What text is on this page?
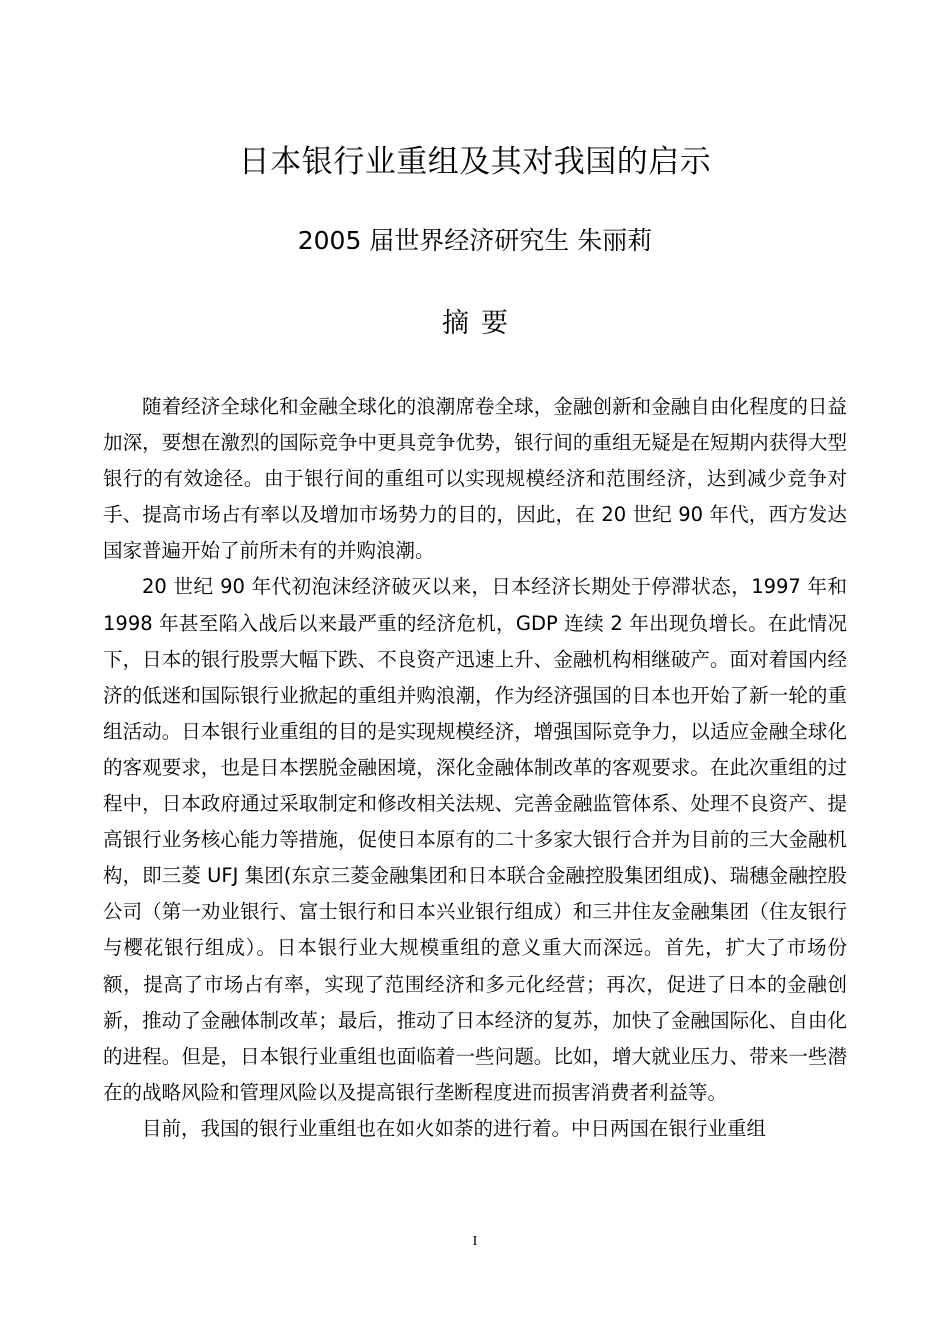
日本银行业重组及其对我国的启示
2005 届世界经济研究生 朱丽莉
摘要

随着经济全球化和金融全球化的浪潮席卷全球，金融创新和金融自由化程度的日益加深，要想在激烈的国际竞争中更具竞争优势，银行间的重组无疑是在短期内获得大型银行的有效途径。由于银行间的重组可以实现规模经济和范围经济，达到减少竞争对手、提高市场占有率以及增加市场势力的目的，因此，在 20 世纪 90 年代，西方发达国家普遍开始了前所未有的并购浪潮。

20 世纪 90 年代初泡沫经济破灭以来，日本经济长期处于停滞状态，1997 年和 1998 年甚至陷入战后以来最严重的经济危机，GDP 连续 2 年出现负增长。在此情况下，日本的银行股票大幅下跌、不良资产迅速上升、金融机构相继破产。面对着国内经济的低迷和国际银行业掀起的重组并购浪潮，作为经济强国的日本也开始了新一轮的重组活动。日本银行业重组的目的是实现规模经济，增强国际竞争力，以适应金融全球化的客观要求，也是日本摆脱金融困境，深化金融体制改革的客观要求。在此次重组的过程中，日本政府通过采取制定和修改相关法规、完善金融监管体系、处理不良资产、提高银行业务核心能力等措施，促使日本原有的二十多家大银行合并为目前的三大金融机构，即三菱 UFJ 集团(东京三菱金融集团和日本联合金融控股集团组成)、瑞穗金融控股公司（第一劝业银行、富士银行和日本兴业银行组成）和三井住友金融集团（住友银行与樱花银行组成）。日本银行业大规模重组的意义重大而深远。首先，扩大了市场份额，提高了市场占有率，实现了范围经济和多元化经营；再次，促进了日本的金融创新，推动了金融体制改革；最后，推动了日本经济的复苏，加快了金融国际化、自由化的进程。但是，日本银行业重组也面临着一些问题。比如，增大就业压力、带来一些潜在的战略风险和管理风险以及提高银行垄断程度进而损害消费者利益等。

目前，我国的银行业重组也在如火如荼的进行着。中日两国在银行业重组

I
